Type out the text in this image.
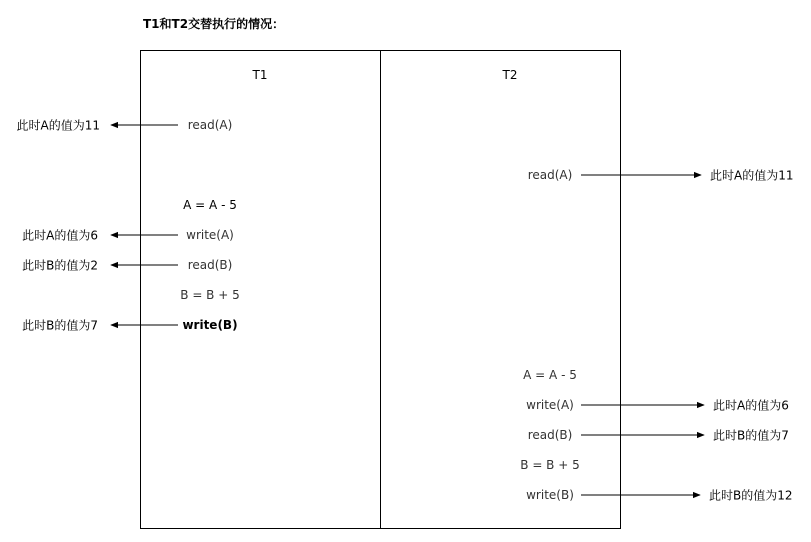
T1和T2交替执行的情况：
T1	T2
read(A)
A = A - 5
write(A)
read(B)
B = B + 5
write(B)
此时A的值为11
此时A的值为6
此时B的值为2
此时B的值为7
read(A)
A = A - 5
write(A)
read(B)
B = B + 5
write(B)
此时A的值为11
此时A的值为6
此时B的值为7
此时B的值为12
